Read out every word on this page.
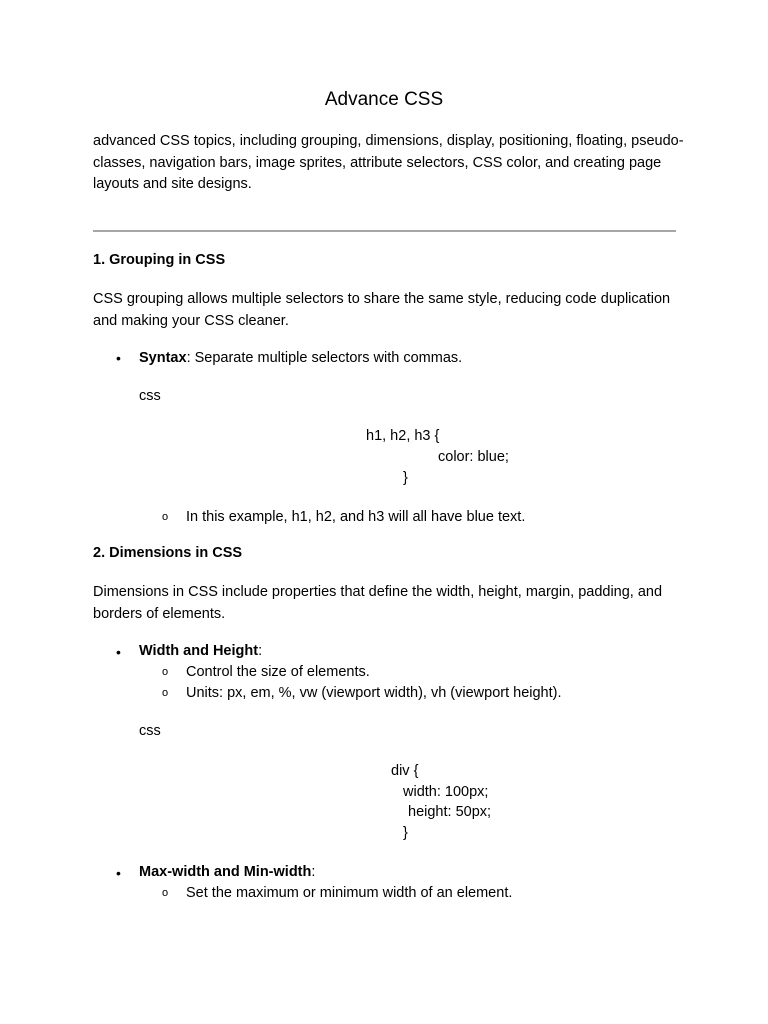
Advance CSS
advanced CSS topics, including grouping, dimensions, display, positioning, floating, pseudo-classes, navigation bars, image sprites, attribute selectors, CSS color, and creating page layouts and site designs.
1. Grouping in CSS
CSS grouping allows multiple selectors to share the same style, reducing code duplication and making your CSS cleaner.
• Syntax: Separate multiple selectors with commas.
css
h1, h2, h3 {
color: blue;
}
o In this example, h1, h2, and h3 will all have blue text.
2. Dimensions in CSS
Dimensions in CSS include properties that define the width, height, margin, padding, and borders of elements.
• Width and Height:
o Control the size of elements.
o Units: px, em, %, vw (viewport width), vh (viewport height).
css
div {
width: 100px;
height: 50px;
}
• Max-width and Min-width:
o Set the maximum or minimum width of an element.
